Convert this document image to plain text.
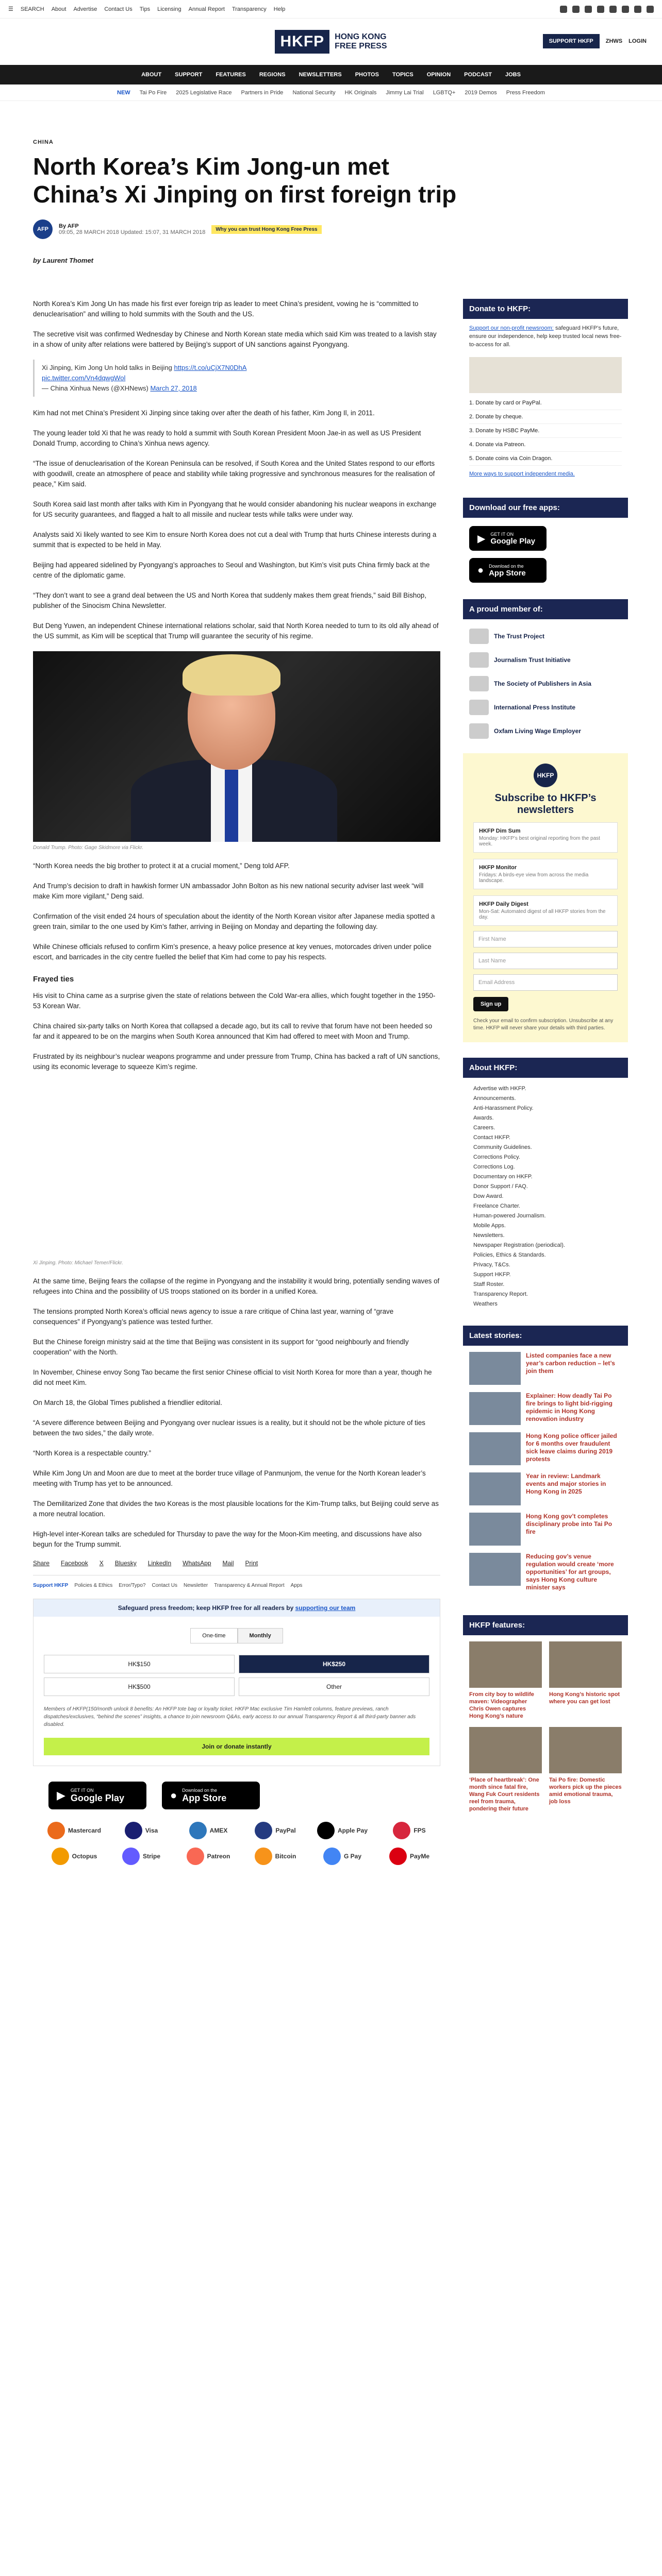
☰ SEARCH About Advertise Contact Us Tips Licensing Annual Report Transparency Help
HKFP	HONG KONG
FREE PRESS
SUPPORT HKFP	ZHWS LOGIN
ABOUT SUPPORT FEATURES REGIONS NEWSLETTERS PHOTOS TOPICS OPINION PODCAST JOBS
NEW Tai Po Fire 2025 Legislative Race Partners in Pride National Security HK Originals Jimmy Lai Trial LGBTQ+ 2019 Demos Press Freedom
CHINA
North Korea’s Kim Jong-un met China’s Xi Jinping on first foreign trip
AFP	By AFP
09:05, 28 MARCH 2018 Updated: 15:07, 31 MARCH 2018	Why you can trust Hong Kong Free Press
by Laurent Thomet

North Korea’s Kim Jong Un has made his first ever foreign trip as leader to meet China’s president, vowing he is “committed to denuclearisation” and willing to hold summits with the South and the US.

The secretive visit was confirmed Wednesday by Chinese and North Korean state media which said Kim was treated to a lavish stay in a show of unity after relations were battered by Beijing’s support of UN sanctions against Pyongyang.

Xi Jinping, Kim Jong Un hold talks in Beijing https://t.co/uCjX7N0DhA
pic.twitter.com/Vn4dqwgWol
— China Xinhua News (@XHNews) March 27, 2018

Kim had not met China’s President Xi Jinping since taking over after the death of his father, Kim Jong Il, in 2011.

The young leader told Xi that he was ready to hold a summit with South Korean President Moon Jae-in as well as US President Donald Trump, according to China’s Xinhua news agency.

“The issue of denuclearisation of the Korean Peninsula can be resolved, if South Korea and the United States respond to our efforts with goodwill, create an atmosphere of peace and stability while taking progressive and synchronous measures for the realisation of peace,” Kim said.

South Korea said last month after talks with Kim in Pyongyang that he would consider abandoning his nuclear weapons in exchange for US security guarantees, and flagged a halt to all missile and nuclear tests while talks were under way.

Analysts said Xi likely wanted to see Kim to ensure North Korea does not cut a deal with Trump that hurts Chinese interests during a summit that is expected to be held in May.

Beijing had appeared sidelined by Pyongyang’s approaches to Seoul and Washington, but Kim’s visit puts China firmly back at the centre of the diplomatic game.

“They don’t want to see a grand deal between the US and North Korea that suddenly makes them great friends,” said Bill Bishop, publisher of the Sinocism China Newsletter.

But Deng Yuwen, an independent Chinese international relations scholar, said that North Korea needed to turn to its old ally ahead of the US summit, as Kim will be sceptical that Trump will guarantee the security of his regime.

Donald Trump. Photo: Gage Skidmore via Flickr.

“North Korea needs the big brother to protect it at a crucial moment,” Deng told AFP.

And Trump’s decision to draft in hawkish former UN ambassador John Bolton as his new national security adviser last week “will make Kim more vigilant,” Deng said.

Confirmation of the visit ended 24 hours of speculation about the identity of the North Korean visitor after Japanese media spotted a green train, similar to the one used by Kim’s father, arriving in Beijing on Monday and departing the following day.

While Chinese officials refused to confirm Kim’s presence, a heavy police presence at key venues, motorcades driven under police escort, and barricades in the city centre fuelled the belief that Kim had come to pay his respects.

Frayed ties

His visit to China came as a surprise given the state of relations between the Cold War-era allies, which fought together in the 1950-53 Korean War.

China chaired six-party talks on North Korea that collapsed a decade ago, but its call to revive that forum have not been heeded so far and it appeared to be on the margins when South Korea announced that Kim had offered to meet with Moon and Trump.

Frustrated by its neighbour’s nuclear weapons programme and under pressure from Trump, China has backed a raft of UN sanctions, using its economic leverage to squeeze Kim’s regime.

Xi Jinping. Photo: Michael Temer/Flickr.

At the same time, Beijing fears the collapse of the regime in Pyongyang and the instability it would bring, potentially sending waves of refugees into China and the possibility of US troops stationed on its border in a unified Korea.

The tensions prompted North Korea’s official news agency to issue a rare critique of China last year, warning of “grave consequences” if Pyongyang’s patience was tested further.

But the Chinese foreign ministry said at the time that Beijing was consistent in its support for “good neighbourly and friendly cooperation” with the North.

In November, Chinese envoy Song Tao became the first senior Chinese official to visit North Korea for more than a year, though he did not meet Kim.

On March 18, the Global Times published a friendlier editorial.

“A severe difference between Beijing and Pyongyang over nuclear issues is a reality, but it should not be the whole picture of ties between the two sides,” the daily wrote.

“North Korea is a respectable country.”

While Kim Jong Un and Moon are due to meet at the border truce village of Panmunjom, the venue for the North Korean leader’s meeting with Trump has yet to be announced.

The Demilitarized Zone that divides the two Koreas is the most plausible locations for the Kim-Trump talks, but Beijing could serve as a more neutral location.

High-level inter-Korean talks are scheduled for Thursday to pave the way for the Moon-Kim meeting, and discussions have also begun for the Trump summit.

Share Facebook X Bluesky LinkedIn WhatsApp Mail Print
Support HKFP Policies & Ethics Error/Typo? Contact Us Newsletter Transparency & Annual Report Apps
Safeguard press freedom; keep HKFP free for all readers by supporting our team
One-time	Monthly
HK$150	HK$250
HK$500	Other
Members of HKFP(150/month unlock 8 benefits: An HKFP tote bag or loyalty ticket. HKFP Mac exclusive Tim Hamlett columns, feature previews, ranch dispatches/exclusives, “behind the scenes” insights, a chance to join newsroom Q&As, early access to our annual Transparency Report & all third-party banner ads disabled.
Join or donate instantly
▶ GET IT ON
Google Play	● Download on the
App Store
Mastercard	Visa	AMEX	PayPal	Apple Pay	FPS
Octopus	Stripe	Patreon	Bitcoin	G Pay	PayMe
Donate to HKFP:
Support our non-profit newsroom: safeguard HKFP’s future, ensure our independence, help keep trusted local news free-to-access for all.
1. Donate by card or PayPal.
2. Donate by cheque.
3. Donate by HSBC PayMe.
4. Donate via Patreon.
5. Donate coins via Coin Dragon.
More ways to support independent media.
Download our free apps:
▶ GET IT ON
Google Play
● Download on the
App Store
A proud member of:
The Trust Project
Journalism Trust Initiative
The Society of Publishers in Asia
International Press Institute
Oxfam Living Wage Employer
HKFP
Subscribe to HKFP’s newsletters
HKFP Dim Sum
Monday: HKFP’s best original reporting from the past week.
HKFP Monitor
Fridays: A birds-eye view from across the media landscape.
HKFP Daily Digest
Mon-Sat: Automated digest of all HKFP stories from the day.
First Name
Last Name
Email Address
Sign up
Check your email to confirm subscription. Unsubscribe at any time. HKFP will never share your details with third parties.
About HKFP:
Advertise with HKFP.
Announcements.
Anti-Harassment Policy.
Awards.
Careers.
Contact HKFP.
Community Guidelines.
Corrections Policy.
Corrections Log.
Documentary on HKFP.
Donor Support / FAQ.
Dow Award.
Freelance Charter.
Human-powered Journalism.
Mobile Apps.
Newsletters.
Newspaper Registration (periodical).
Policies, Ethics & Standards.
Privacy, T&Cs.
Support HKFP.
Staff Roster.
Transparency Report.
Weathers
Latest stories:
Listed companies face a new year’s carbon reduction – let’s join them
Explainer: How deadly Tai Po fire brings to light bid-rigging epidemic in Hong Kong renovation industry
Hong Kong police officer jailed for 6 months over fraudulent sick leave claims during 2019 protests
Year in review: Landmark events and major stories in Hong Kong in 2025
Hong Kong gov’t completes disciplinary probe into Tai Po fire
Reducing gov’s venue regulation would create ‘more opportunities’ for art groups, says Hong Kong culture minister says
HKFP features:
From city boy to wildlife maven: Videographer Chris Owen captures Hong Kong’s nature
Hong Kong’s historic spot where you can get lost
‘Place of heartbreak’: One month since fatal fire, Wang Fuk Court residents reel from trauma, pondering their future
Tai Po fire: Domestic workers pick up the pieces amid emotional trauma, job loss
